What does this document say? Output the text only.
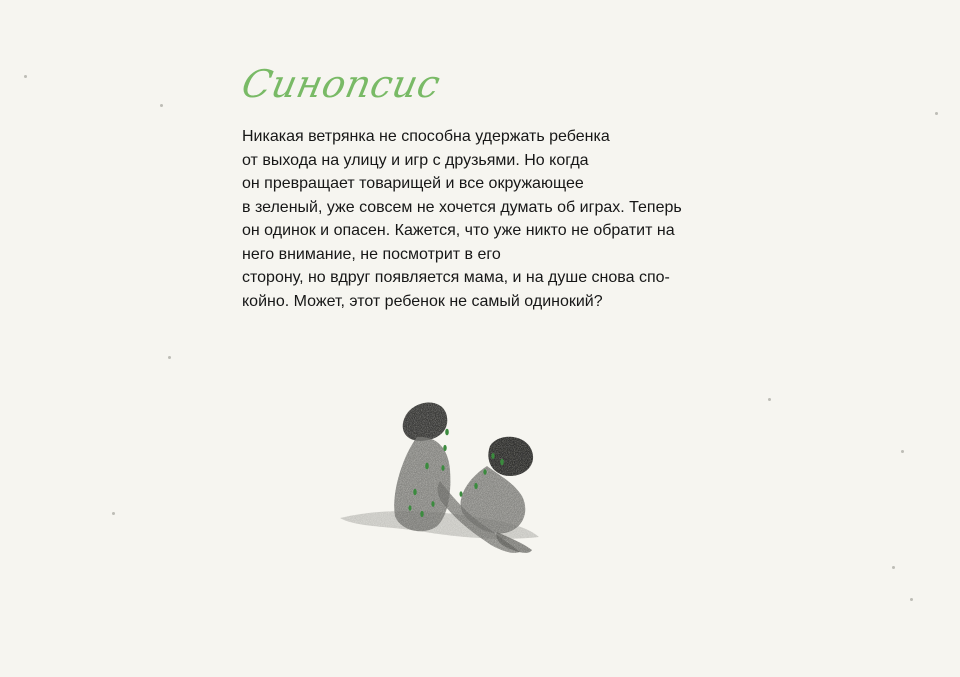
Синопсис
Никакая ветрянка не способна удержать ребенка
от выхода на улицу и игр с друзьями. Но когда
он превращает товарищей и все окружающее
в зеленый, уже совсем не хочется думать об играх. Теперь
он одинок и опасен. Кажется, что уже никто не обратит на
него внимание, не посмотрит в его
сторону, но вдруг появляется мама, и на душе снова спо-
койно. Может, этот ребенок не самый одинокий?
